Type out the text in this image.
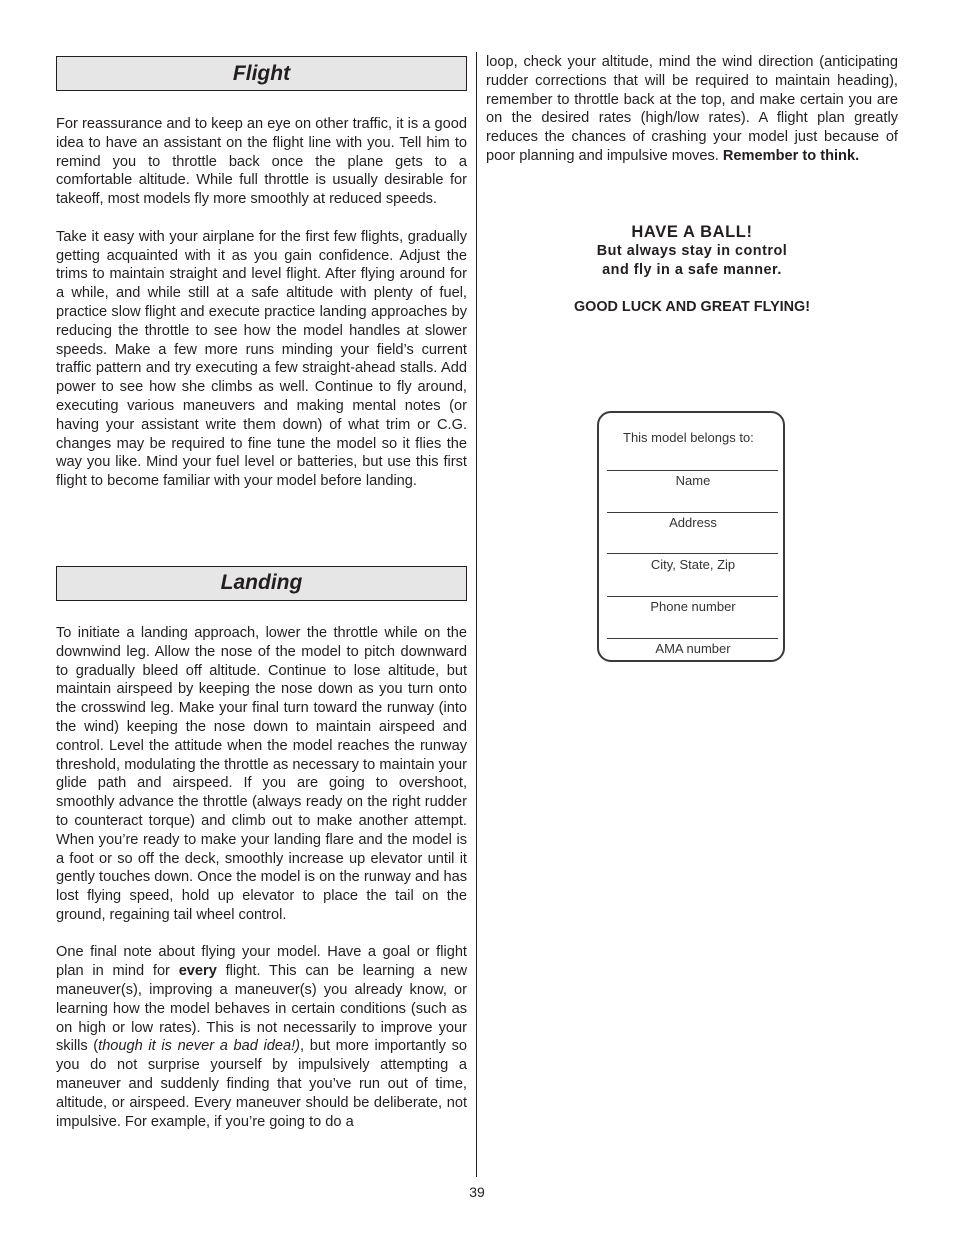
Flight

For reassurance and to keep an eye on other traffic, it is a good idea to have an assistant on the flight line with you. Tell him to remind you to throttle back once the plane gets to a comfortable altitude. While full throttle is usually desirable for takeoff, most models fly more smoothly at reduced speeds.

Take it easy with your airplane for the first few flights, gradually getting acquainted with it as you gain confidence. Adjust the trims to maintain straight and level flight. After flying around for a while, and while still at a safe altitude with plenty of fuel, practice slow flight and execute practice landing approaches by reducing the throttle to see how the model handles at slower speeds. Make a few more runs minding your field’s current traffic pattern and try executing a few straight-ahead stalls. Add power to see how she climbs as well. Continue to fly around, executing various maneuvers and making mental notes (or having your assistant write them down) of what trim or C.G. changes may be required to fine tune the model so it flies the way you like. Mind your fuel level or batteries, but use this first flight to become familiar with your model before landing.

Landing

To initiate a landing approach, lower the throttle while on the downwind leg. Allow the nose of the model to pitch downward to gradually bleed off altitude. Continue to lose altitude, but maintain airspeed by keeping the nose down as you turn onto the crosswind leg. Make your final turn toward the runway (into the wind) keeping the nose down to maintain airspeed and control. Level the attitude when the model reaches the runway threshold, modulating the throttle as necessary to maintain your glide path and airspeed. If you are going to overshoot, smoothly advance the throttle (always ready on the right rudder to counteract torque) and climb out to make another attempt. When you’re ready to make your landing flare and the model is a foot or so off the deck, smoothly increase up elevator until it gently touches down. Once the model is on the runway and has lost flying speed, hold up elevator to place the tail on the ground, regaining tail wheel control.

One final note about flying your model. Have a goal or flight plan in mind for every flight. This can be learning a new maneuver(s), improving a maneuver(s) you already know, or learning how the model behaves in certain conditions (such as on high or low rates). This is not necessarily to improve your skills (though it is never a bad idea!), but more importantly so you do not surprise yourself by impulsively attempting a maneuver and suddenly finding that you’ve run out of time, altitude, or airspeed. Every maneuver should be deliberate, not impulsive. For example, if you’re going to do a

loop, check your altitude, mind the wind direction (anticipating rudder corrections that will be required to maintain heading), remember to throttle back at the top, and make certain you are on the desired rates (high/low rates). A flight plan greatly reduces the chances of crashing your model just because of poor planning and impulsive moves. Remember to think.

HAVE A BALL!
But always stay in control
and fly in a safe manner.
GOOD LUCK AND GREAT FLYING!
This model belongs to:
Name
Address
City, State, Zip
Phone number
AMA number
39
